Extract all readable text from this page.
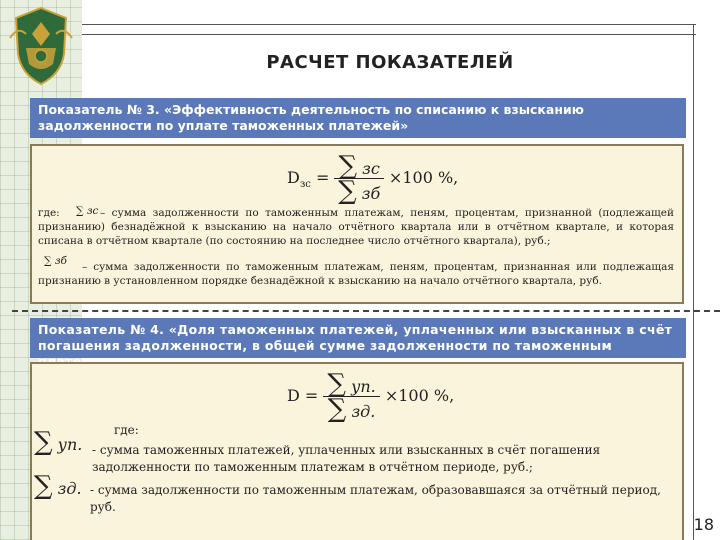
РАСЧЕТ ПОКАЗАТЕЛЕЙ
Показатель № 3. «Эффективность деятельность по списанию к взысканию задолженности по уплате таможенных платежей»
$D_{зс} = \frac{\sum зс}{\sum зб} \times 100$ %,
где:	∑ зс – сумма задолженности по таможенным платежам, пеням, процентам, признанной (подлежащей признанию) безнадёжной к взысканию на начало отчётного квартала или в отчётном квартале, и которая списана в отчётном квартале (по состоянию на последнее число отчётного квартала), руб.;
∑ зб	– сумма задолженности по таможенным платежам, пеням, процентам, признанная или подлежащая признанию в установленном порядке безнадёжной к взысканию на начало отчётного квартала, руб.
Показатель № 4. «Доля таможенных платежей, уплаченных или взысканных в счёт погашения задолженности, в общей сумме задолженности по таможенным
$D = \frac{\sum уп.}{\sum зд.} \times 100$ %,
где:
∑ уп. - сумма таможенных платежей, уплаченных или взысканных в счёт погашения задолженности по таможенным платежам в отчётном периоде, руб.;
∑ зд. - сумма задолженности по таможенным платежам, образовавшаяся за отчётный период, руб.
18
